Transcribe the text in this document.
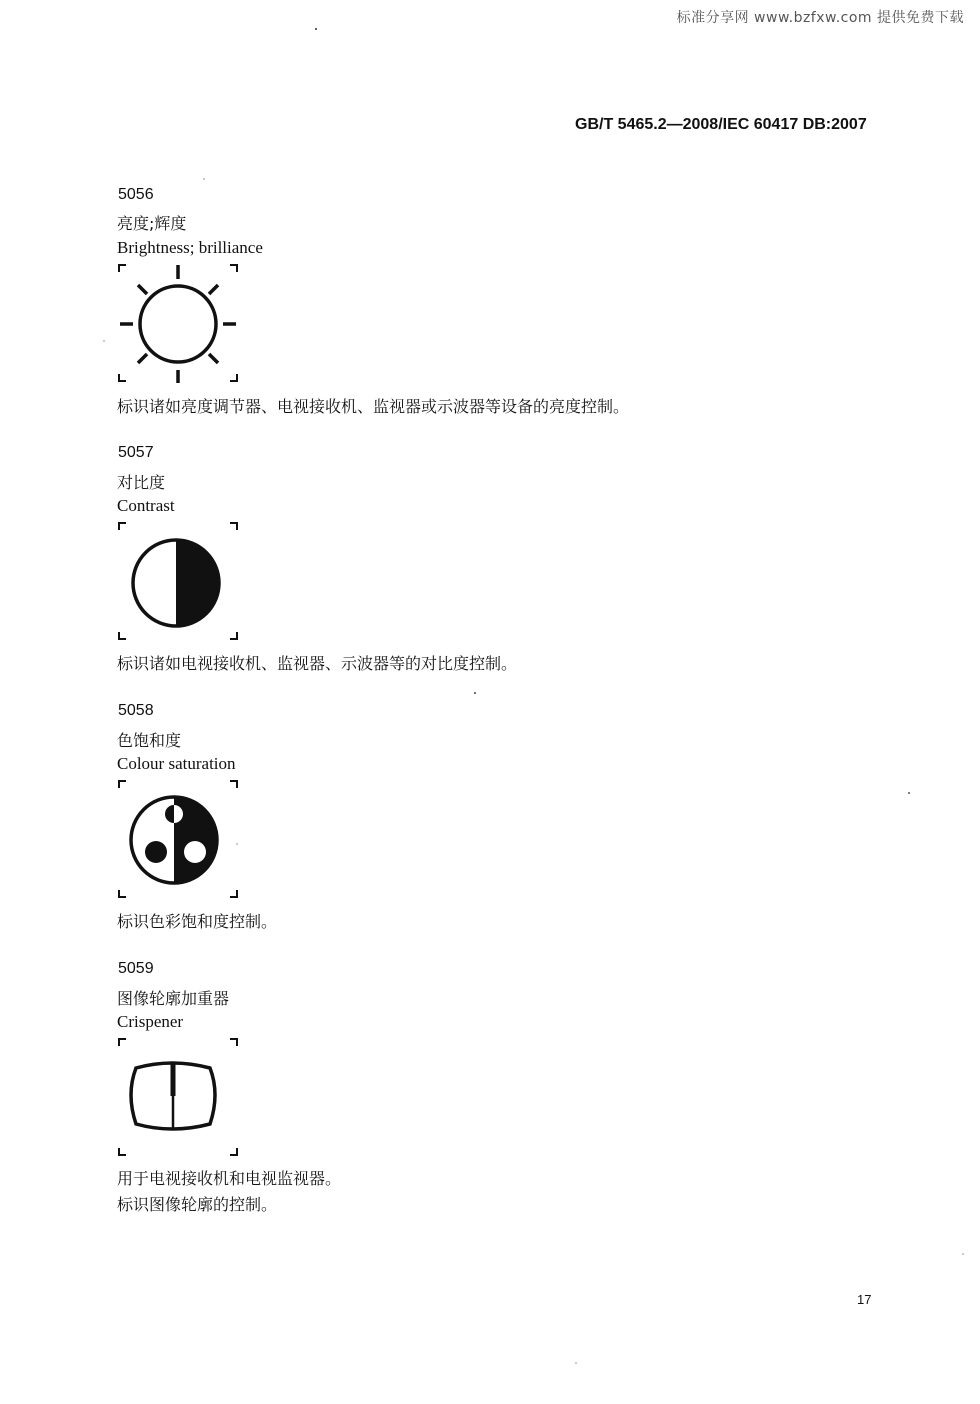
标准分享网 www.bzfxw.com 提供免费下载
GB/T 5465.2—2008/IEC 60417 DB:2007
5056
亮度;辉度
Brightness; brilliance
标识诸如亮度调节器、电视接收机、监视器或示波器等设备的亮度控制。
5057
对比度
Contrast
标识诸如电视接收机、监视器、示波器等的对比度控制。
5058
色饱和度
Colour saturation
标识色彩饱和度控制。
5059
图像轮廓加重器
Crispener
用于电视接收机和电视监视器。
标识图像轮廓的控制。
17
